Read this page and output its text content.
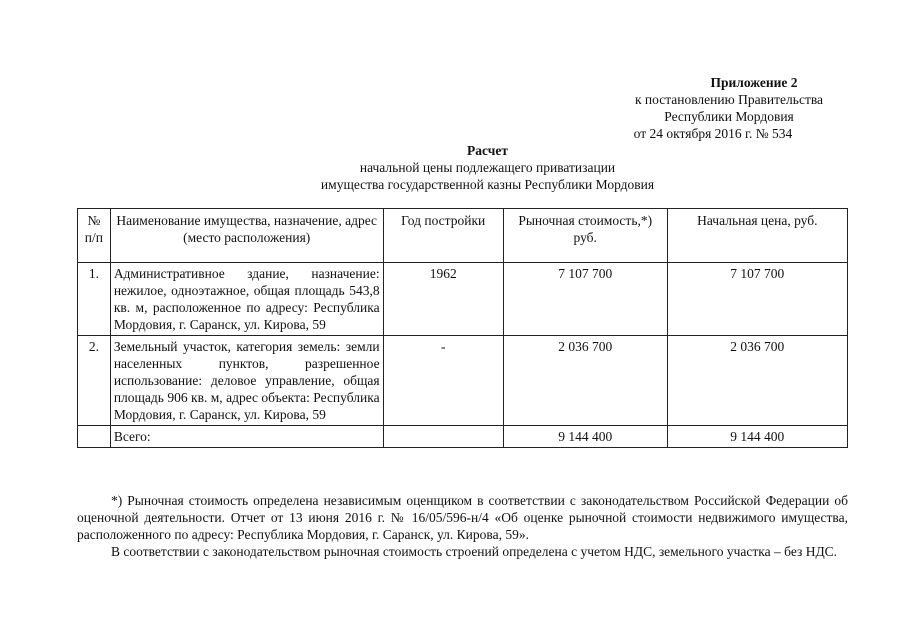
Приложение 2
к постановлению Правительства
Республики Мордовия
от 24 октября 2016 г. № 534
Расчет
начальной цены подлежащего приватизации
имущества государственной казны Республики Мордовия
№ п/п	Наименование имущества, назначение, адрес (место расположения)	Год постройки	Рыночная стоимость,*) руб.	Начальная цена, руб.
1.	Административное здание, назначение: нежилое, одноэтажное, общая площадь 543,8 кв. м, расположенное по адресу: Республика Мордовия, г. Саранск, ул. Кирова, 59	1962	7 107 700	7 107 700
2.	Земельный участок, категория земель: земли населенных пунктов, разрешенное использование: деловое управление, общая площадь 906 кв. м, адрес объекта: Республика Мордовия, г. Саранск, ул. Кирова, 59	-	2 036 700	2 036 700
	Всего:		9 144 400	9 144 400

*) Рыночная стоимость определена независимым оценщиком в соответствии с законодательством Российской Федерации об оценочной деятельности. Отчет от 13 июня 2016 г. № 16/05/596-н/4 «Об оценке рыночной стоимости недвижимого имущества, расположенного по адресу: Республика Мордовия, г. Саранск, ул. Кирова, 59».

В соответствии с законодательством рыночная стоимость строений определена с учетом НДС, земельного участка – без НДС.
